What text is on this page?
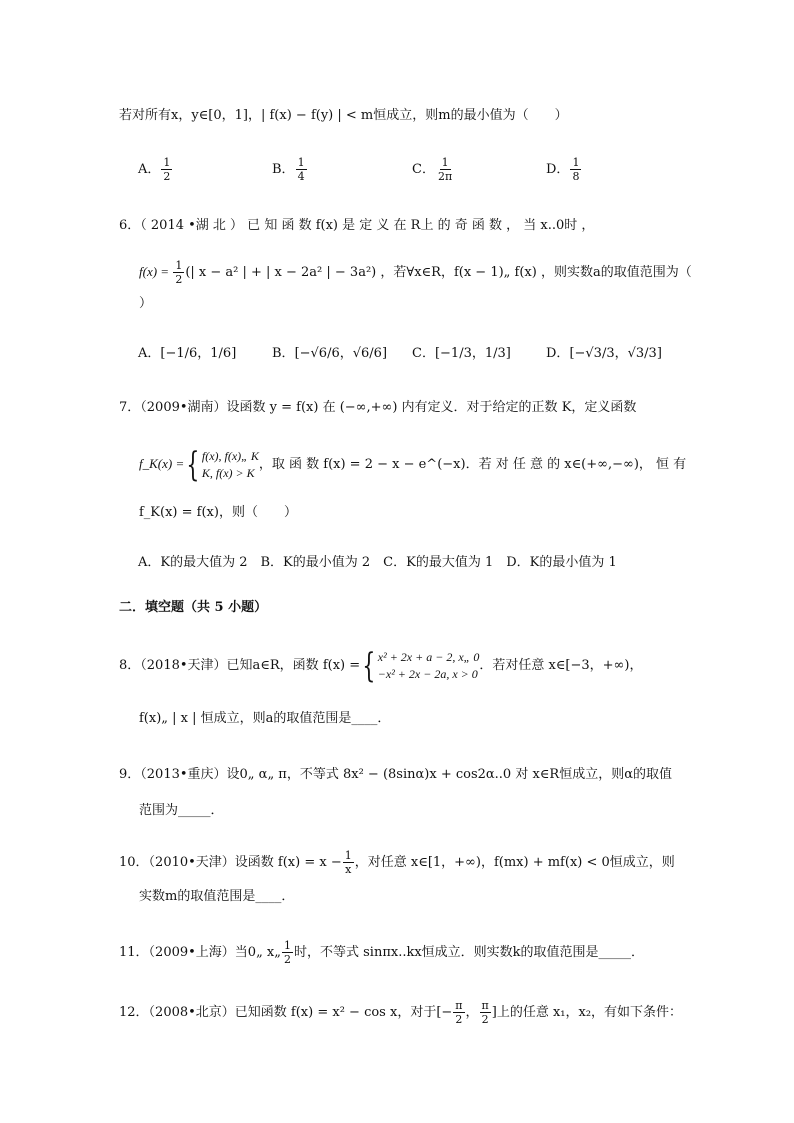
若对所有x，y∈[0，1]，| f(x) − f(y) | < m恒成立，则m的最小值为（　　）
A． $\frac{1}{2}$	B． $\frac{1}{4}$	C． $\frac{1}{2\pi}$	D． $\frac{1}{8}$
6．（ 2014 •湖 北 ） 已 知 函 数 f(x) 是 定 义 在 R上 的 奇 函 数 ， 当 x..0时 ，
$f(x) = \frac{1}{2}$ (| x − a² | + | x − 2a² | − 3a²) ，若∀x∈R，f(x − 1)„ f(x) ，则实数a的取值范围为（
）
A．[−1/6，1/6]	B．[−√6/6，√6/6] C．[−1/3，1/3]	D．[−√3/3，√3/3]
7．（2009•湖南）设函数 y = f(x) 在 (−∞,+∞) 内有定义．对于给定的正数 K，定义函数
f_K(x) ={ f(x), f(x)„ K
K, f(x) > K
，取 函 数 f(x) = 2 − x − e^(−x)．若 对 任 意 的 x∈(+∞,−∞)， 恒 有
f_K(x) = f(x)，则（　　）
A．K的最大值为 2　B．K的最小值为 2　C．K的最大值为 1　D．K的最小值为 1
二．填空题（共 5 小题）
8．（2018•天津）已知a∈R，函数 f(x) ={ x² + 2x + a − 2, x„ 0
−x² + 2x − 2a, x > 0
．若对任意 x∈[−3，+∞)，
f(x)„ | x | 恒成立，则a的取值范围是____．
9．（2013•重庆）设0„ α„ π，不等式 8x² − (8sinα)x + cos2α..0 对 x∈R恒成立，则α的取值
范围为_____．
10．（2010•天津）设函数 $f(x) = x - \frac{1}{x}$ ，对任意 x∈[1，+∞)，f(mx) + mf(x) < 0恒成立，则
实数m的取值范围是____．
11．（2009•上海）当0„ x„ $\frac{1}{2}$ 时，不等式 sinπx..kx恒成立．则实数k的取值范围是_____．
12．（2008•北京）已知函数 f(x) = x² − cos x，对于[− $\frac{\pi}{2}$ ， $\frac{\pi}{2}$ ]上的任意 x₁，x₂，有如下条件：
